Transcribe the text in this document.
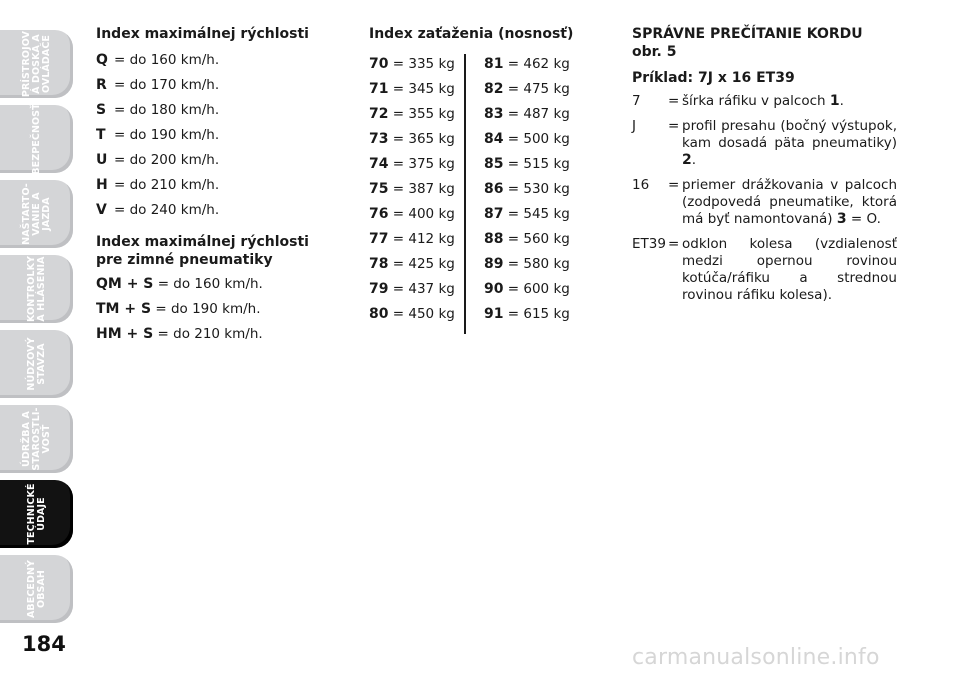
PRÍSTROJOV
Á DOSKA A
OVLÁDAČE
BEZPEČNOSŤ
NAŠTARTO-
VANIE A
JAZDA
KONTROLKY
A HLÁSENIA
NÚDZOVÝ
STAVZA
ÚDRŽBA A
STAROSTLI-
VOSŤ
TECHNICKÉ
ÚDAJE
ABECEDNÝ
OBSAH
184
Index maximálnej rýchlosti
Q = do 160 km/h.
R = do 170 km/h.
S = do 180 km/h.
T = do 190 km/h.
U = do 200 km/h.
H = do 210 km/h.
V = do 240 km/h.
Index maximálnej rýchlosti
pre zimné pneumatiky
QM + S = do 160 km/h.
TM + S = do 190 km/h.
HM + S = do 210 km/h.
Index zaťaženia (nosnosť)
70 = 335 kg
71 = 345 kg
72 = 355 kg
73 = 365 kg
74 = 375 kg
75 = 387 kg
76 = 400 kg
77 = 412 kg
78 = 425 kg
79 = 437 kg
80 = 450 kg
81 = 462 kg
82 = 475 kg
83 = 487 kg
84 = 500 kg
85 = 515 kg
86 = 530 kg
87 = 545 kg
88 = 560 kg
89 = 580 kg
90 = 600 kg
91 = 615 kg
SPRÁVNE PREČÍTANIE KORDU
obr. 5
Príklad: 7J x 16 ET39
7	= šírka ráfiku v palcoch 1.
J	= profil presahu (bočný výstupok, kam dosadá päta pneumatiky) 2.
16	= priemer drážkovania v palcoch (zodpovedá pneumatike, ktorá má byť namontovaná) 3 = O.
ET39 = odklon kolesa (vzdialenosť medzi opernou rovinou kotúča/ráfiku a strednou rovinou ráfiku kolesa).
carmanualsonline.info
